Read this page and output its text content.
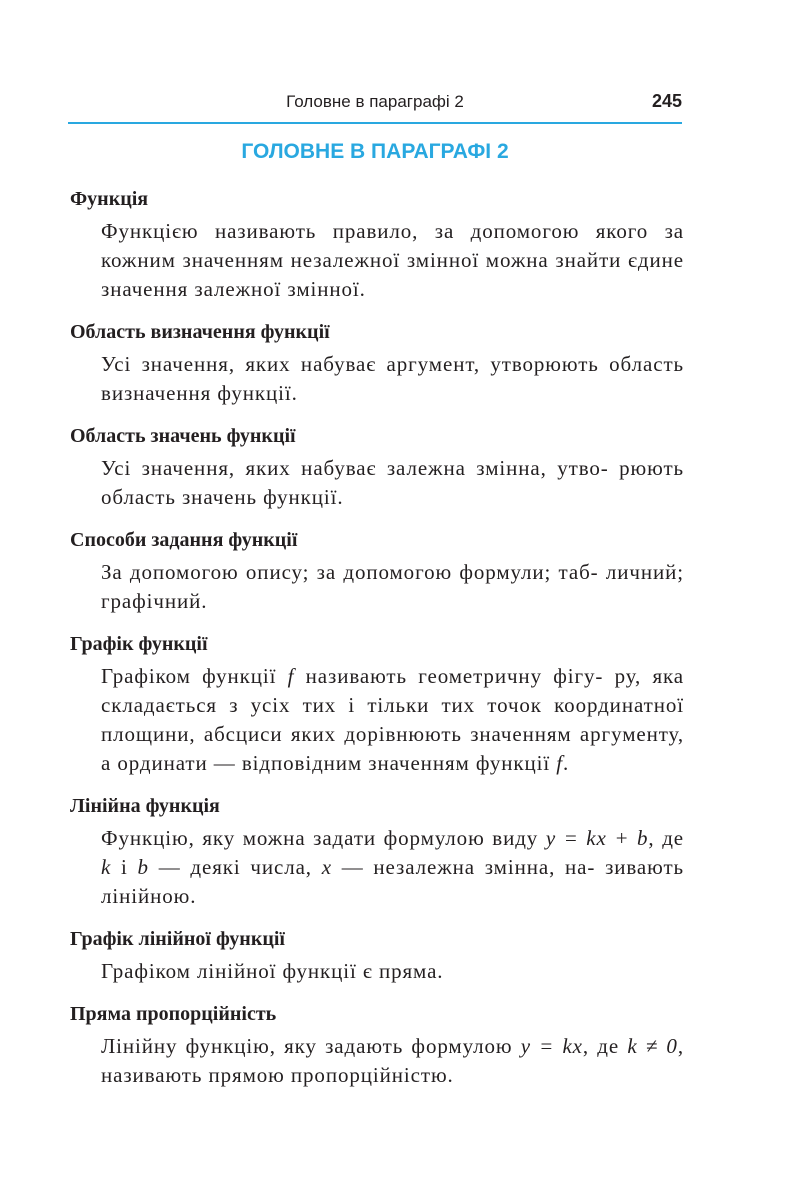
Головне в параграфі 2	245
ГОЛОВНЕ В ПАРАГРАФІ 2

Функція

Функцією називають правило, за допомогою якого за кожним значенням незалежної змінної можна знайти єдине значення залежної змінної.

Область визначення функції

Усі значення, яких набуває аргумент, утворюють область визначення функції.

Область значень функції

Усі значення, яких набуває залежна змінна, утво- рюють область значень функції.

Способи задання функції

За допомогою опису; за допомогою формули; таб- личний; графічний.

Графік функції

Графіком функції f називають геометричну фігу- ру, яка складається з усіх тих і тільки тих точок координатної площини, абсциси яких дорівнюють значенням аргументу, а ординати — відповідним значенням функції f.

Лінійна функція

Функцію, яку можна задати формулою виду y = kx + b, де k і b — деякі числа, x — незалежна змінна, на- зивають лінійною.

Графік лінійної функції

Графіком лінійної функції є пряма.

Пряма пропорційність

Лінійну функцію, яку задають формулою y = kx, де k ≠ 0, називають прямою пропорційністю.
